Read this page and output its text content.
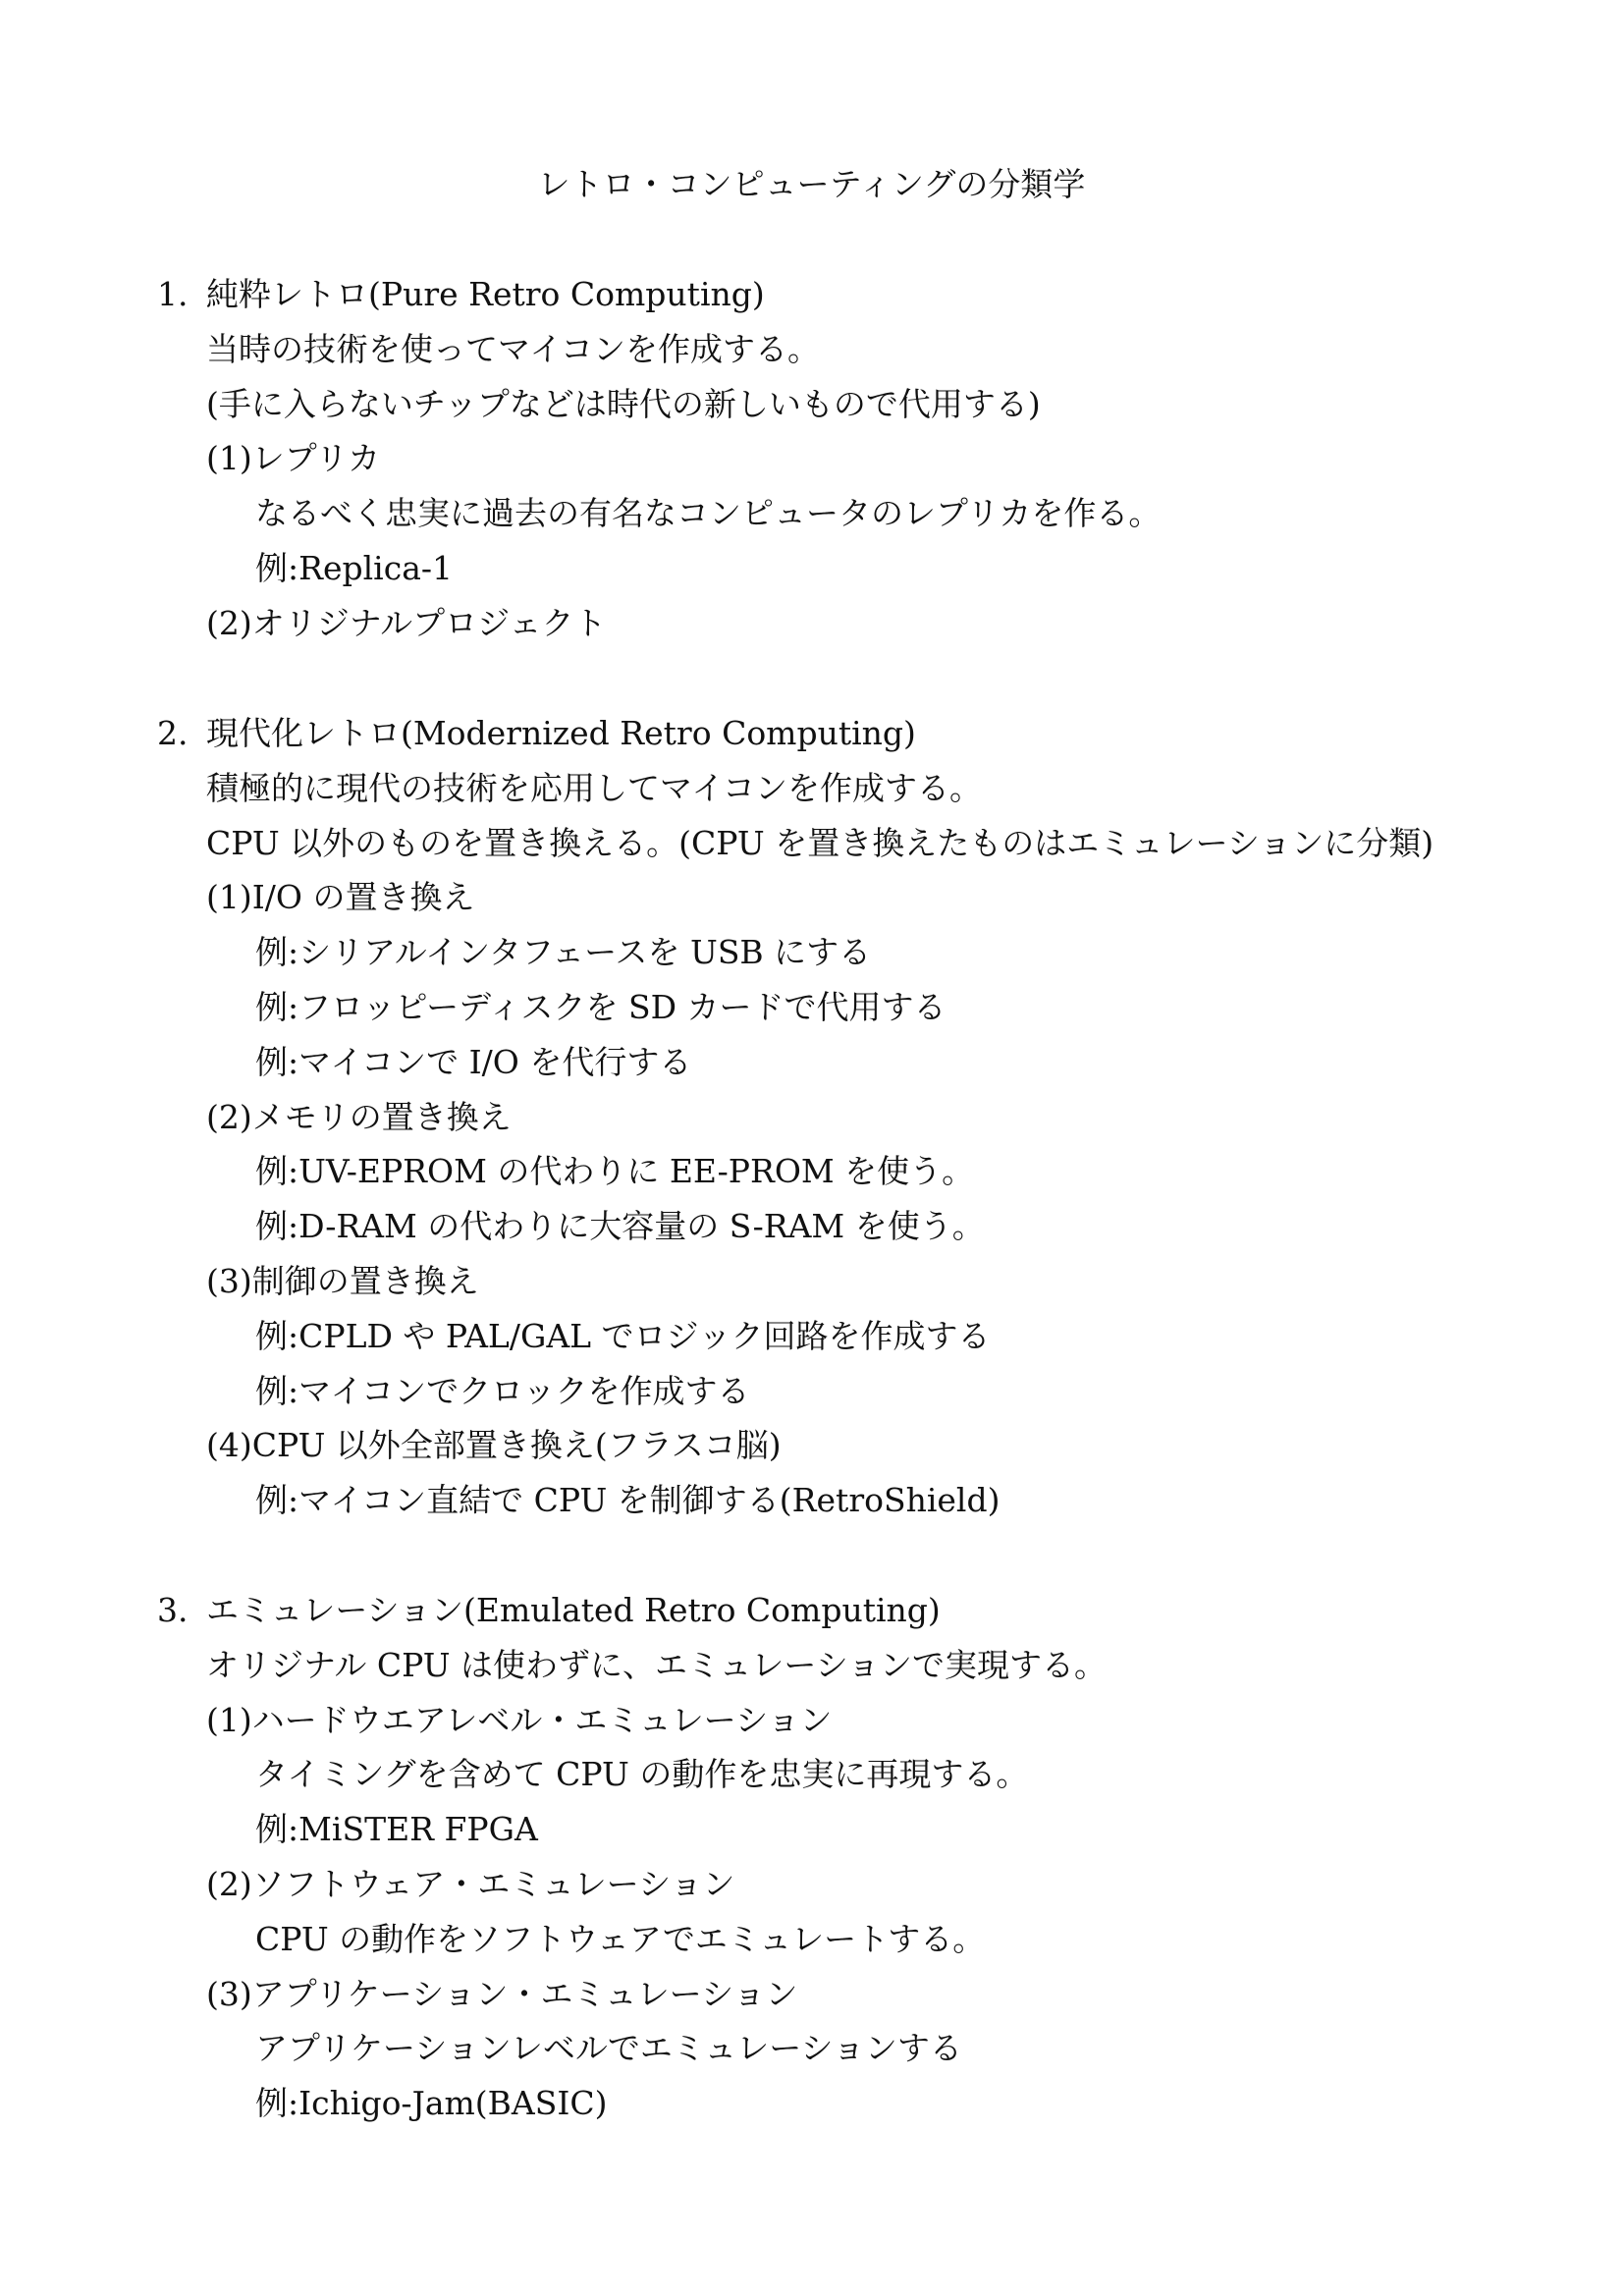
レトロ・コンピューティングの分類学
1. 純粋レトロ(Pure Retro Computing)
当時の技術を使ってマイコンを作成する。
(手に入らないチップなどは時代の新しいもので代用する)
(1)レプリカ
なるべく忠実に過去の有名なコンピュータのレプリカを作る。
例:Replica-1
(2)オリジナルプロジェクト
2. 現代化レトロ(Modernized Retro Computing)
積極的に現代の技術を応用してマイコンを作成する。
CPU 以外のものを置き換える。(CPU を置き換えたものはエミュレーションに分類)
(1)I/O の置き換え
例:シリアルインタフェースを USB にする
例:フロッピーディスクを SD カードで代用する
例:マイコンで I/O を代行する
(2)メモリの置き換え
例:UV-EPROM の代わりに EE-PROM を使う。
例:D-RAM の代わりに大容量の S-RAM を使う。
(3)制御の置き換え
例:CPLD や PAL/GAL でロジック回路を作成する
例:マイコンでクロックを作成する
(4)CPU 以外全部置き換え(フラスコ脳)
例:マイコン直結で CPU を制御する(RetroShield)
3. エミュレーション(Emulated Retro Computing)
オリジナル CPU は使わずに、エミュレーションで実現する。
(1)ハードウエアレベル・エミュレーション
タイミングを含めて CPU の動作を忠実に再現する。
例:MiSTER FPGA
(2)ソフトウェア・エミュレーション
CPU の動作をソフトウェアでエミュレートする。
(3)アプリケーション・エミュレーション
アプリケーションレベルでエミュレーションする
例:Ichigo-Jam(BASIC)
